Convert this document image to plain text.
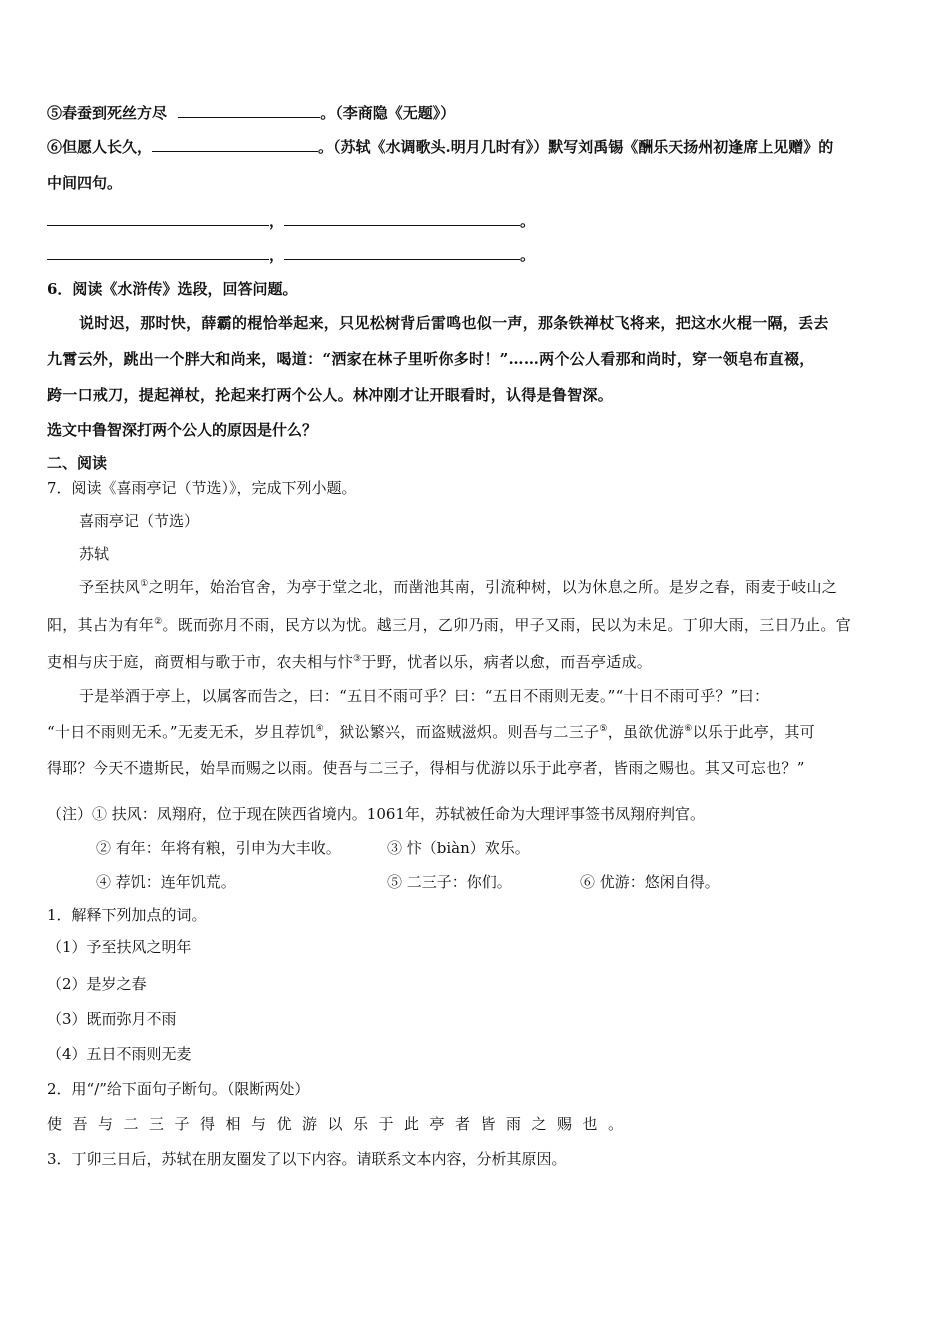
⑤春蚕到死丝方尽	。（李商隐《无题》）
⑥但愿人长久，	。（苏轼《水调歌头.明月几时有》）默写刘禹锡《酬乐天扬州初逢席上见赠》的
中间四句。
，	。
，	。
6．阅读《水浒传》选段，回答问题。
说时迟，那时快，薛霸的棍恰举起来，只见松树背后雷鸣也似一声，那条铁禅杖飞将来，把这水火棍一隔，丢去
九霄云外，跳出一个胖大和尚来，喝道：“洒家在林子里听你多时！”……两个公人看那和尚时，穿一领皂布直裰，
跨一口戒刀，提起禅杖，抡起来打两个公人。林冲刚才让开眼看时，认得是鲁智深。
选文中鲁智深打两个公人的原因是什么？
二、阅读
7．阅读《喜雨亭记（节选）》，完成下列小题。
喜雨亭记（节选）
苏轼
予至扶风①之明年，始治官舍，为亭于堂之北，而凿池其南，引流种树，以为休息之所。是岁之春，雨麦于岐山之
阳，其占为有年②。既而弥月不雨，民方以为忧。越三月，乙卯乃雨，甲子又雨，民以为未足。丁卯大雨，三日乃止。官
吏相与庆于庭，商贾相与歌于市，农夫相与忭③于野，忧者以乐，病者以愈，而吾亭适成。
于是举酒于亭上，以属客而告之，曰：“五日不雨可乎？曰：“五日不雨则无麦。”“十日不雨可乎？”曰：
“十日不雨则无禾。”无麦无禾，岁且荐饥④，狱讼繁兴，而盗贼滋炽。则吾与二三子⑤，虽欲优游⑥以乐于此亭，其可
得耶？今天不遗斯民，始旱而赐之以雨。使吾与二三子，得相与优游以乐于此亭者，皆雨之赐也。其又可忘也？”
（注）① 扶风：凤翔府，位于现在陕西省境内。1061年，苏轼被任命为大理评事签书凤翔府判官。
② 有年：年将有粮，引申为大丰收。	③ 忭（biàn）欢乐。
④ 荐饥：连年饥荒。	⑤ 二三子：你们。	⑥ 优游：悠闲自得。
1．解释下列加点的词。
（1）予至扶风之明年
（2）是岁之春
（3）既而弥月不雨
（4）五日不雨则无麦
2．用“/”给下面句子断句。（限断两处）
使吾与二三子得相与优游以乐于此亭者皆雨之赐也。
3．丁卯三日后，苏轼在朋友圈发了以下内容。请联系文本内容，分析其原因。
